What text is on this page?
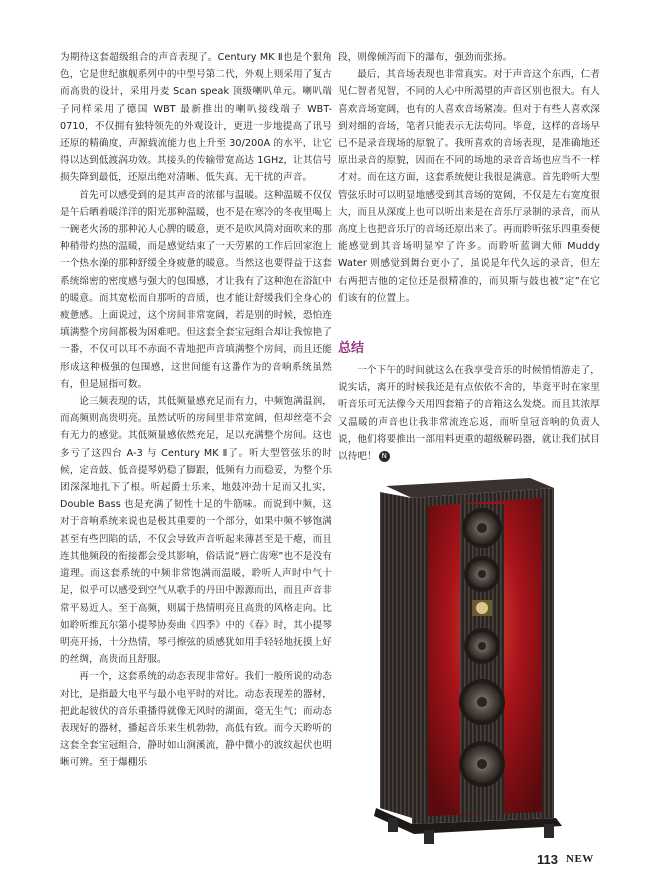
为期待这套超级组合的声音表现了。Century MK Ⅱ也是个狠角色，它是世纪旗舰系列中的中型号第二代，外观上则采用了复古而高贵的设计，采用丹麦 Scan speak 顶级喇叭单元。喇叭端子同样采用了德国 WBT 最新推出的喇叭接线端子 WBT-0710，不仅拥有独特领先的外观设计，更进一步地提高了讯号还原的精确度，声源载流能力也上升至 30/200A 的水平，让它得以达到低渡涡功效。其接头的传输带宽高达 1GHz，让其信号损失降到最低，还原出绝对清晰、低失真、无干扰的声音。

首先可以感受到的是其声音的浓郁与温暖。这种温暖不仅仅是午后晒着暖洋洋的阳光那种温暖，也不是在寒冷的冬夜里喝上一碗老火汤的那种沁人心脾的暖意，更不是吹风筒对面吹来的那种稍带灼热的温暖，而是感觉结束了一天劳累的工作后回家泡上一个热水澡的那种舒缓全身疲惫的暖意。当然这也要得益于这套系统绵密的密度感与强大的包围感，才让我有了这种泡在浴缸中的暖意。而其宽松而自那听的音质，也才能让舒缓我们全身心的疲惫感。上面说过，这个房间非常宽阔，若是别的时候，恐怕连填满整个房间都极为困难吧。但这套全套宝冠组合却让我惊艳了一番，不仅可以耳不赤面不青地把声音填满整个房间，而且还能形成这种极强的包围感，这世间能有这番作为的音响系统虽然有，但是屈指可数。

论三频表现的话，其低频量感充足而有力，中频饱满温润，而高频则高贵明亮。虽然试听的房间里非常宽阔，但却丝毫不会有无力的感觉。其低频量感依然充足，足以充满整个房间。这也多亏了这四台 A-3 与 Century MK Ⅱ了。听大型管弦乐的时候，定音鼓、低音提琴奶稳了脚跟，低频有力而稳妥，为整个乐团深深地扎下了根。听起爵士乐来，地鼓冲劲十足而又扎实，Double Bass 也是充满了韧性十足的牛筋味。而说到中频，这对于音响系统来说也是极其重要的一个部分，如果中频不够饱满甚至有些凹陷的话，不仅会导致声音听起来薄甚至是干瘪，而且连其他频段的衔接都会受其影响，俗话说“唇亡齿寒”也不是没有道理。而这套系统的中频非常饱满而温暖，聆听人声时中气十足，似乎可以感受到空气从歌手的丹田中源源而出，而且声音非常平易近人。至于高频，则属于热情明亮且高贵的风格走向。比如聆听维瓦尔第小提琴协奏曲《四季》中的《春》时，其小提琴明亮开扬，十分热情，琴弓擦弦的质感犹如用手轻轻地抚摸上好的丝绸，高贵而且舒服。

再一个，这套系统的动态表现非常好。我们一般所说的动态对比，是指最大电平与最小电平时的对比。动态表现差的器材，把此起彼伏的音乐重播得就像无风时的湖面，毫无生气；而动态表现好的器材，播起音乐来生机勃勃，高低有致。而今天聆听的这套全套宝冠组合，静时如山涧溪流，静中微小的波纹起伏也明晰可辨。至于爆棚乐

段，则像倾泻而下的瀑布，强劲而张扬。

最后，其音场表现也非常真实。对于声音这个东西，仁者见仁智者见智，不同的人心中所渴望的声音区别也很大。有人喜欢音场宽阔，也有的人喜欢音场紧凑。但对于有些人喜欢深到对细的音场，笔者只能表示无法苟同。毕竟，这样的音场早已不是录音现场的原貌了。我所喜欢的音场表现，是准确地还原出录音的原貌，因而在不同的场地的录音音场也应当不一样才对。而在这方面，这套系统便让我很是满意。首先聆听大型管弦乐时可以明显地感受到其音场的宽阔，不仅是左右宽度很大，而且从深度上也可以听出来是在音乐厅录制的录音，而从高度上也把音乐厅的音场还原出来了。再而聆听弦乐四重奏便能感觉到其音场明显窄了许多。而聆听蓝调大师 Muddy Water 则感觉到舞台更小了，虽说是年代久远的录音，但左右两把吉他的定位还是很精准的，而贝斯与鼓也被“定”在它们该有的位置上。

总结

一个下午的时间就这么在我享受音乐的时候悄悄游走了，说实话，离开的时候我还是有点依依不舍的，毕竟平时在家里听音乐可无法像今天用四套箱子的音箱这么发烧。而且其浓厚又温暖的声音也让我非常流连忘返，而听皇冠音响的负责人说，他们将要推出一部用料更重的超级解码器，就让我们拭目以待吧！ N

113 NEW
